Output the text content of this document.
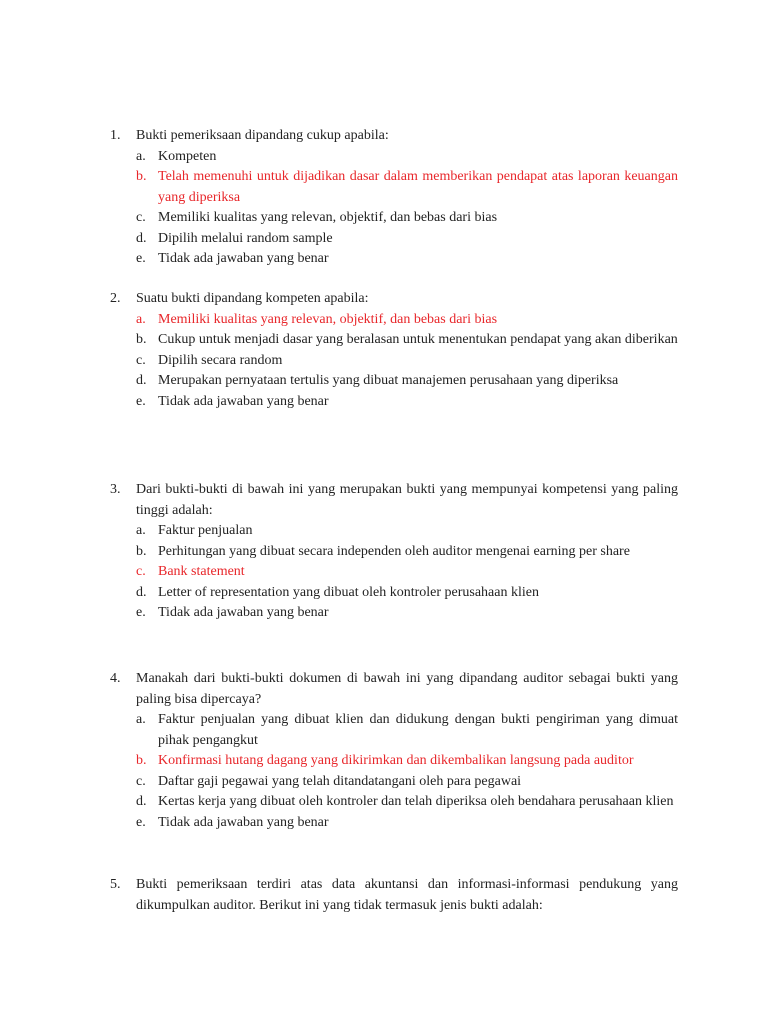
1.	Bukti pemeriksaan dipandang cukup apabila:
a. Kompeten
b. Telah memenuhi untuk dijadikan dasar dalam memberikan pendapat atas laporan keuangan yang diperiksa
c. Memiliki kualitas yang relevan, objektif, dan bebas dari bias
d. Dipilih melalui random sample
e. Tidak ada jawaban yang benar
2.	Suatu bukti dipandang kompeten apabila:
a. Memiliki kualitas yang relevan, objektif, dan bebas dari bias
b. Cukup untuk menjadi dasar yang beralasan untuk menentukan pendapat yang akan diberikan
c. Dipilih secara random
d. Merupakan pernyataan tertulis yang dibuat manajemen perusahaan yang diperiksa
e. Tidak ada jawaban yang benar
3.	Dari bukti-bukti di bawah ini yang merupakan bukti yang mempunyai kompetensi yang paling tinggi adalah:
a. Faktur penjualan
b. Perhitungan yang dibuat secara independen oleh auditor mengenai earning per share
c. Bank statement
d. Letter of representation yang dibuat oleh kontroler perusahaan klien
e. Tidak ada jawaban yang benar
4.	Manakah dari bukti-bukti dokumen di bawah ini yang dipandang auditor sebagai bukti yang paling bisa dipercaya?
a. Faktur penjualan yang dibuat klien dan didukung dengan bukti pengiriman yang dimuat pihak pengangkut
b. Konfirmasi hutang dagang yang dikirimkan dan dikembalikan langsung pada auditor
c. Daftar gaji pegawai yang telah ditandatangani oleh para pegawai
d. Kertas kerja yang dibuat oleh kontroler dan telah diperiksa oleh bendahara perusahaan klien
e. Tidak ada jawaban yang benar
5.	Bukti pemeriksaan terdiri atas data akuntansi dan informasi-informasi pendukung yang dikumpulkan auditor. Berikut ini yang tidak termasuk jenis bukti adalah:
